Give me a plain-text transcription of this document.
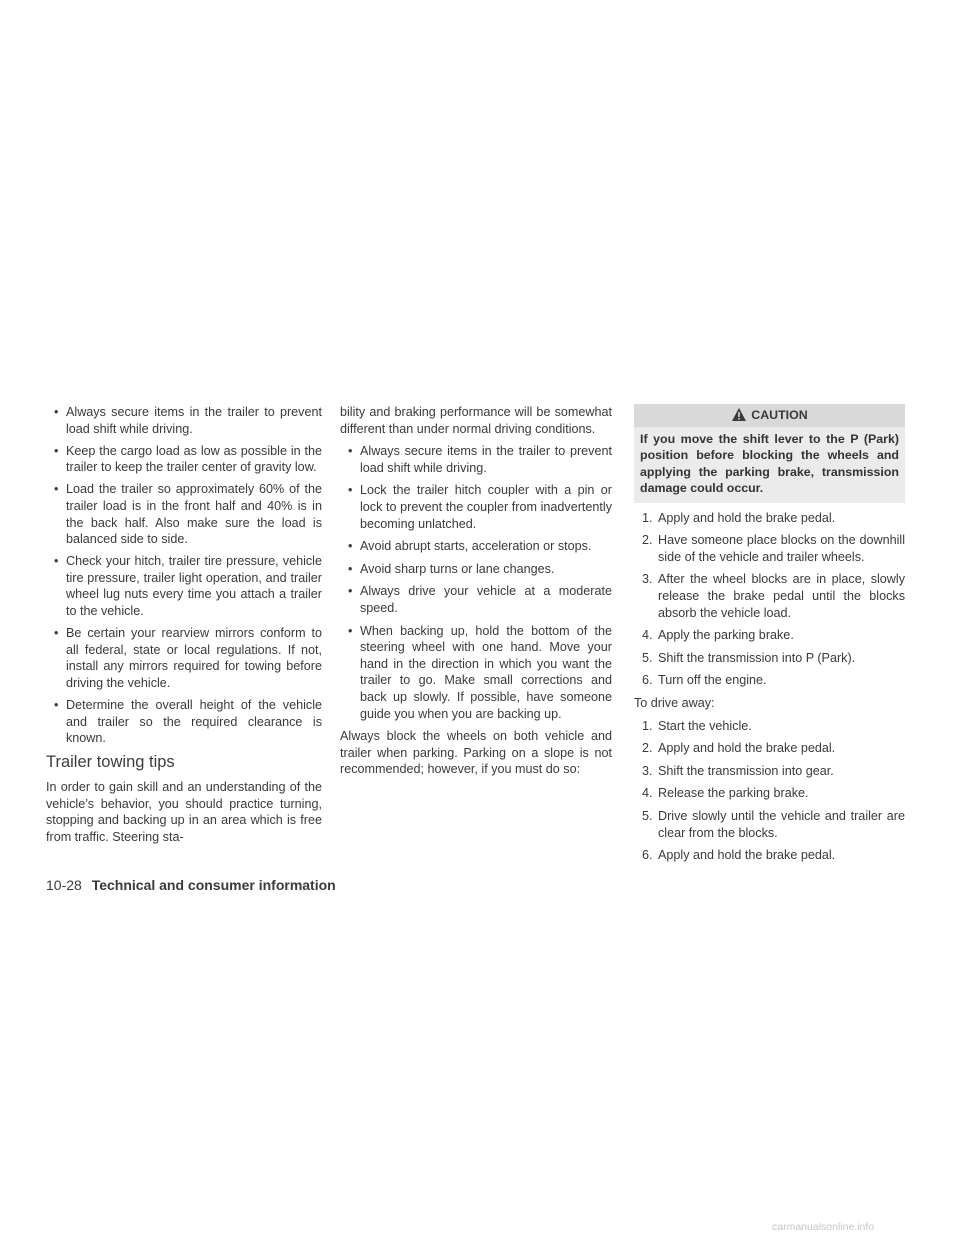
• Always secure items in the trailer to prevent load shift while driving.
• Keep the cargo load as low as possible in the trailer to keep the trailer center of gravity low.
• Load the trailer so approximately 60% of the trailer load is in the front half and 40% is in the back half. Also make sure the load is balanced side to side.
• Check your hitch, trailer tire pressure, vehicle tire pressure, trailer light operation, and trailer wheel lug nuts every time you attach a trailer to the vehicle.
• Be certain your rearview mirrors conform to all federal, state or local regulations. If not, install any mirrors required for towing before driving the vehicle.
• Determine the overall height of the vehicle and trailer so the required clearance is known.
Trailer towing tips

In order to gain skill and an understanding of the vehicle’s behavior, you should practice turning, stopping and backing up in an area which is free from traffic. Steering sta-

bility and braking performance will be somewhat different than under normal driving conditions.

• Always secure items in the trailer to prevent load shift while driving.
• Lock the trailer hitch coupler with a pin or lock to prevent the coupler from inadvertently becoming unlatched.
• Avoid abrupt starts, acceleration or stops.
• Avoid sharp turns or lane changes.
• Always drive your vehicle at a moderate speed.
• When backing up, hold the bottom of the steering wheel with one hand. Move your hand in the direction in which you want the trailer to go. Make small corrections and back up slowly. If possible, have someone guide you when you are backing up.

Always block the wheels on both vehicle and trailer when parking. Parking on a slope is not recommended; however, if you must do so:

CAUTION
If you move the shift lever to the P (Park) position before blocking the wheels and applying the parking brake, transmission damage could occur.
1. Apply and hold the brake pedal.
2. Have someone place blocks on the downhill side of the vehicle and trailer wheels.
3. After the wheel blocks are in place, slowly release the brake pedal until the blocks absorb the vehicle load.
4. Apply the parking brake.
5. Shift the transmission into P (Park).
6. Turn off the engine.

To drive away:

1. Start the vehicle.
2. Apply and hold the brake pedal.
3. Shift the transmission into gear.
4. Release the parking brake.
5. Drive slowly until the vehicle and trailer are clear from the blocks.
6. Apply and hold the brake pedal.
10-28 Technical and consumer information
carmanualsonline.info
